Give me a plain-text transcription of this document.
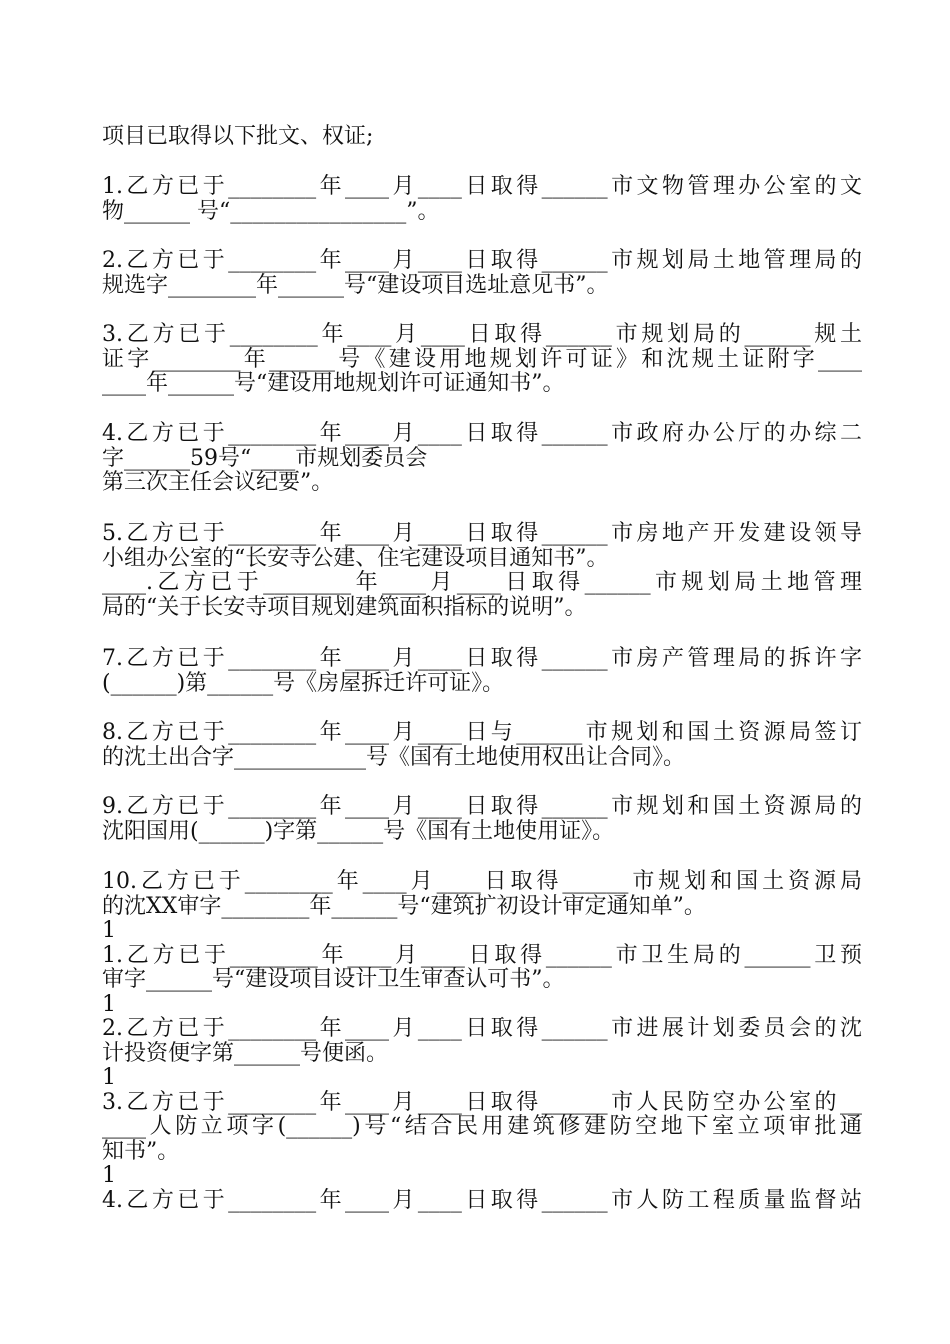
项目已取得以下批文、权证;
1.乙方已于________年____月____日取得______市文物管理办公室的文
物______ 号“________________”。
2.乙方已于________年____月____日取得______市规划局土地管理局的
规选字________年______号“建设项目选址意见书”。
3.乙方已于________年____月____日取得______市规划局的______规土
证字________年______号《建设用地规划许可证》和沈规土证附字____
____年______号“建设用地规划许可证通知书”。
4.乙方已于________年____月____日取得______市政府办公厅的办综二
字______59号“____市规划委员会
第三次主任会议纪要”。
5.乙方已于________年____月____日取得______市房地产开发建设领导
小组办公室的“长安寺公建、住宅建设项目通知书”。
____.乙方已于________年____月____日取得______市规划局土地管理
局的“关于长安寺项目规划建筑面积指标的说明”。
7.乙方已于________年____月____日取得______市房产管理局的拆许字
(______)第______号《房屋拆迁许可证》。
8.乙方已于________年____月____日与______市规划和国土资源局签订
的沈土出合字____________号《国有土地使用权出让合同》。
9.乙方已于________年____月____日取得______市规划和国土资源局的
沈阳国用(______)字第______号《国有土地使用证》。
10.乙方已于________年____月____日取得______市规划和国土资源局
的沈XX审字________年______号“建筑扩初设计审定通知单”。
1
1.乙方已于________年____月____日取得______市卫生局的______卫预
审字______号“建设项目设计卫生审查认可书”。
1
2.乙方已于________年____月____日取得______市进展计划委员会的沈
计投资便字第______号便函。
1
3.乙方已于________年____月____日取得______市人民防空办公室的__
____人防立项字(______)号“结合民用建筑修建防空地下室立项审批通
知书”。
1
4.乙方已于________年____月____日取得______市人防工程质量监督站
